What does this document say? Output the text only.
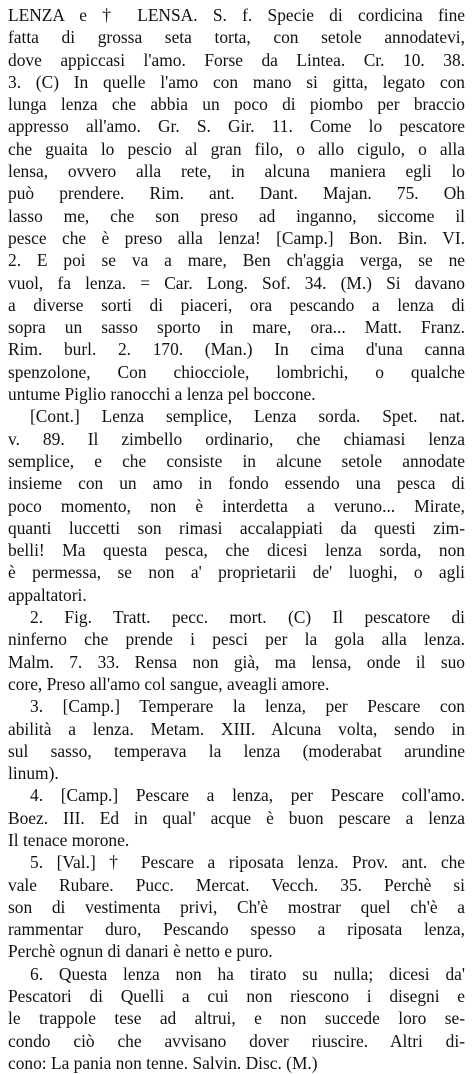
LENZA e † LENSA. S. f. Specie di cordicina fine
fatta di grossa seta torta, con setole annodatevi,
dove appiccasi l'amo. Forse da Lintea. Cr. 10. 38.
3. (C) In quelle l'amo con mano si gitta, legato con
lunga lenza che abbia un poco di piombo per braccio
appresso all'amo. Gr. S. Gir. 11. Come lo pescatore
che guaita lo pescio al gran filo, o allo cigulo, o alla
lensa, ovvero alla rete, in alcuna maniera egli lo
può prendere. Rim. ant. Dant. Majan. 75. Oh
lasso me, che son preso ad inganno, siccome il
pesce che è preso alla lenza! [Camp.] Bon. Bin. VI.
2. E poi se va a mare, Ben ch'aggia verga, se ne
vuol, fa lenza. = Car. Long. Sof. 34. (M.) Si davano
a diverse sorti di piaceri, ora pescando a lenza di
sopra un sasso sporto in mare, ora... Matt. Franz.
Rim. burl. 2. 170. (Man.) In cima d'una canna
spenzolone, Con chiocciole, lombrichi, o qualche
untume Piglio ranocchi a lenza pel boccone.
[Cont.] Lenza semplice, Lenza sorda. Spet. nat.
v. 89. Il zimbello ordinario, che chiamasi lenza
semplice, e che consiste in alcune setole annodate
insieme con un amo in fondo essendo una pesca di
poco momento, non è interdetta a veruno... Mirate,
quanti luccetti son rimasi accalappiati da questi zim-
belli! Ma questa pesca, che dicesi lenza sorda, non
è permessa, se non a' proprietarii de' luoghi, o agli
appaltatori.
2. Fig. Tratt. pecc. mort. (C) Il pescatore di
ninferno che prende i pesci per la gola alla lenza.
Malm. 7. 33. Rensa non già, ma lensa, onde il suo
core, Preso all'amo col sangue, aveagli amore.
3. [Camp.] Temperare la lenza, per Pescare con
abilità a lenza. Metam. XIII. Alcuna volta, sendo in
sul sasso, temperava la lenza (moderabat arundine
linum).
4. [Camp.] Pescare a lenza, per Pescare coll'amo.
Boez. III. Ed in qual' acque è buon pescare a lenza
Il tenace morone.
5. [Val.] † Pescare a riposata lenza. Prov. ant. che
vale Rubare. Pucc. Mercat. Vecch. 35. Perchè si
son di vestimenta privi, Ch'è mostrar quel ch'è a
rammentar duro, Pescando spesso a riposata lenza,
Perchè ognun di danari è netto e puro.
6. Questa lenza non ha tirato su nulla; dicesi da'
Pescatori di Quelli a cui non riescono i disegni e
le trappole tese ad altrui, e non succede loro se-
condo ciò che avvisano dover riuscire. Altri di-
cono: La pania non tenne. Salvin. Disc. (M.)
